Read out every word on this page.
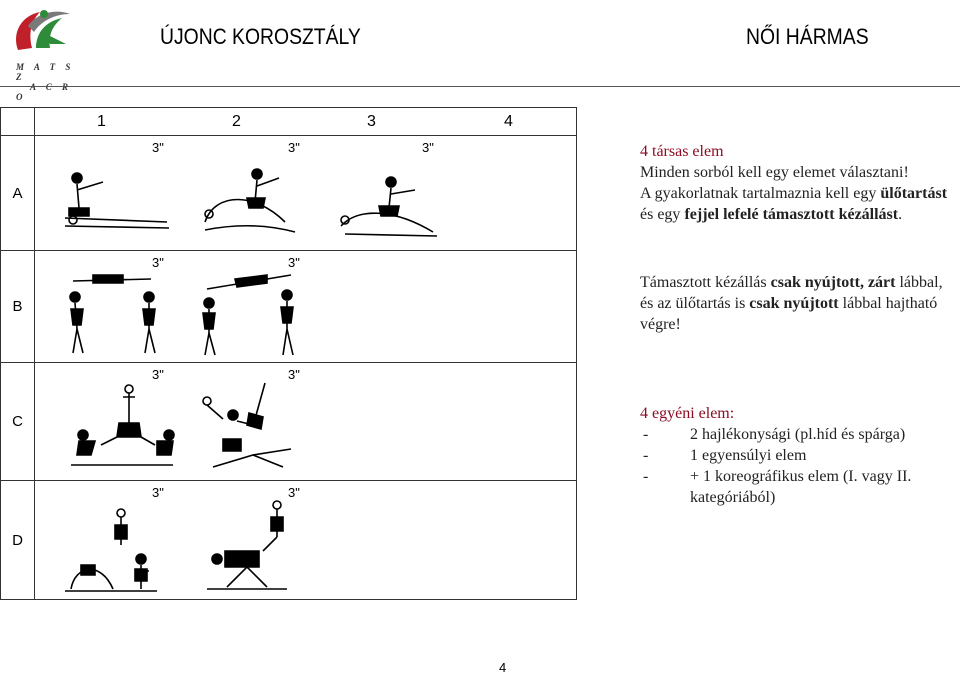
M A T S Z
A C R O
ÚJONC KOROSZTÁLY	NŐI HÁRMAS

	1 2 3 4

A	3" 3" 3"

B	3" 3"

C	3" 3"

D	3" 3"
4 társas elem
Minden sorból kell egy elemet választani!
A gyakorlatnak tartalmaznia kell egy ülőtartást és egy fejjel lefelé támasztott kézállást.
Támasztott kézállás csak nyújtott, zárt lábbal, és az ülőtartás is csak nyújtott lábbal hajtható végre!
4 egyéni elem:
- 2 hajlékonysági (pl.híd és spárga)
- 1 egyensúlyi elem
- + 1 koreográfikus elem (I. vagy II. kategóriából)
4
